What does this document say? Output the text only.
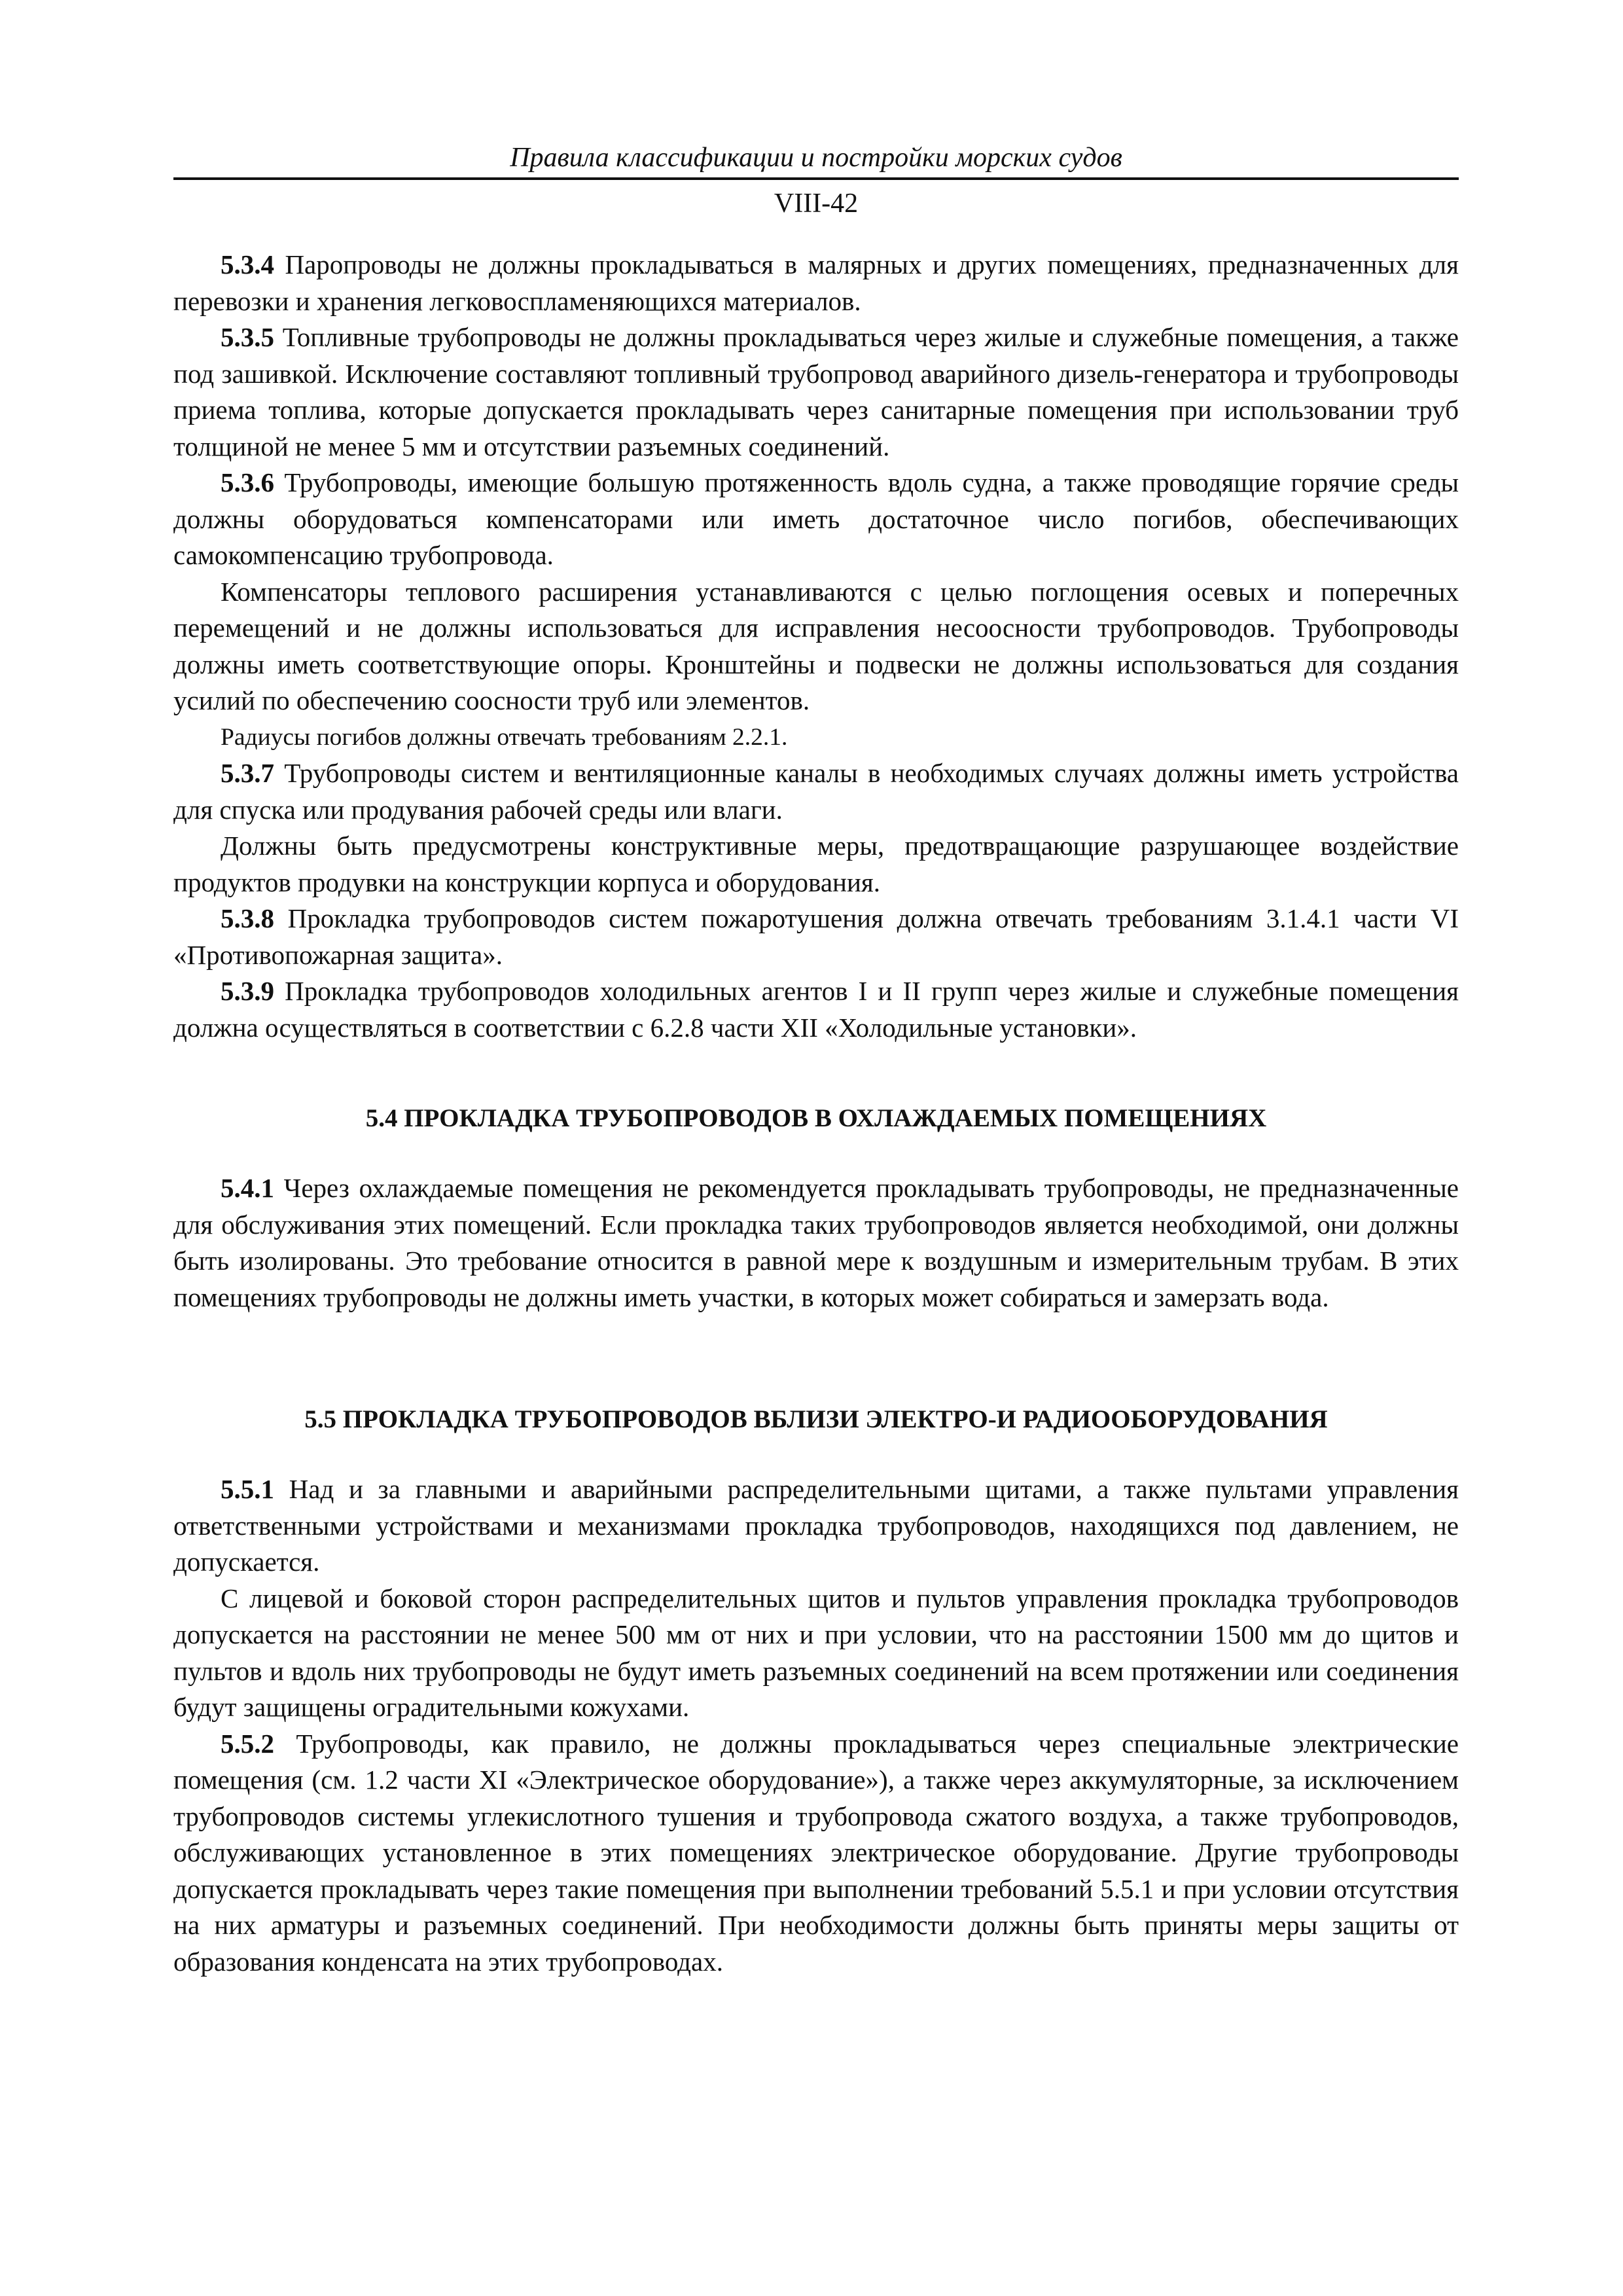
Правила классификации и постройки морских судов

VIII-42

5.3.4 Паропроводы не должны прокладываться в малярных и других помещениях, предназначенных для перевозки и хранения легковоспламеняющихся материалов.

5.3.5 Топливные трубопроводы не должны прокладываться через жилые и служебные помещения, а также под зашивкой. Исключение составляют топливный трубопровод аварийного дизель-генератора и трубопроводы приема топлива, которые допускается прокладывать через санитарные помещения при использовании труб толщиной не менее 5 мм и отсутствии разъемных соединений.

5.3.6 Трубопроводы, имеющие большую протяженность вдоль судна, а также проводящие горячие среды должны оборудоваться компенсаторами или иметь достаточное число погибов, обеспечивающих самокомпенсацию трубопровода.

Компенсаторы теплового расширения устанавливаются с целью поглощения осевых и поперечных перемещений и не должны использоваться для исправления несоосности трубопроводов. Трубопроводы должны иметь соответствующие опоры. Кронштейны и подвески не должны использоваться для создания усилий по обеспечению соосности труб или элементов.

Радиусы погибов должны отвечать требованиям 2.2.1.

5.3.7 Трубопроводы систем и вентиляционные каналы в необходимых случаях должны иметь устройства для спуска или продувания рабочей среды или влаги.

Должны быть предусмотрены конструктивные меры, предотвращающие разрушающее воздействие продуктов продувки на конструкции корпуса и оборудования.

5.3.8 Прокладка трубопроводов систем пожаротушения должна отвечать требованиям 3.1.4.1 части VI «Противопожарная защита».

5.3.9 Прокладка трубопроводов холодильных агентов I и II групп через жилые и служебные помещения должна осуществляться в соответствии с 6.2.8 части XII «Холодильные установки».

5.4 ПРОКЛАДКА ТРУБОПРОВОДОВ В ОХЛАЖДАЕМЫХ ПОМЕЩЕНИЯХ

5.4.1 Через охлаждаемые помещения не рекомендуется прокладывать трубопроводы, не предназначенные для обслуживания этих помещений. Если прокладка таких трубопроводов является необходимой, они должны быть изолированы. Это требование относится в равной мере к воздушным и измерительным трубам. В этих помещениях трубопроводы не должны иметь участки, в которых может собираться и замерзать вода.

5.5 ПРОКЛАДКА ТРУБОПРОВОДОВ ВБЛИЗИ ЭЛЕКТРО-И РАДИООБОРУДОВАНИЯ

5.5.1 Над и за главными и аварийными распределительными щитами, а также пультами управления ответственными устройствами и механизмами прокладка трубопроводов, находящихся под давлением, не допускается.

С лицевой и боковой сторон распределительных щитов и пультов управления прокладка трубопроводов допускается на расстоянии не менее 500 мм от них и при условии, что на расстоянии 1500 мм до щитов и пультов и вдоль них трубопроводы не будут иметь разъемных соединений на всем протяжении или соединения будут защищены оградительными кожухами.

5.5.2 Трубопроводы, как правило, не должны прокладываться через специальные электрические помещения (см. 1.2 части XI «Электрическое оборудование»), а также через аккумуляторные, за исключением трубопроводов системы углекислотного тушения и трубопровода сжатого воздуха, а также трубопроводов, обслуживающих установленное в этих помещениях электрическое оборудование. Другие трубопроводы допускается прокладывать через такие помещения при выполнении требований 5.5.1 и при условии отсутствия на них арматуры и разъемных соединений. При необходимости должны быть приняты меры защиты от образования конденсата на этих трубопроводах.
